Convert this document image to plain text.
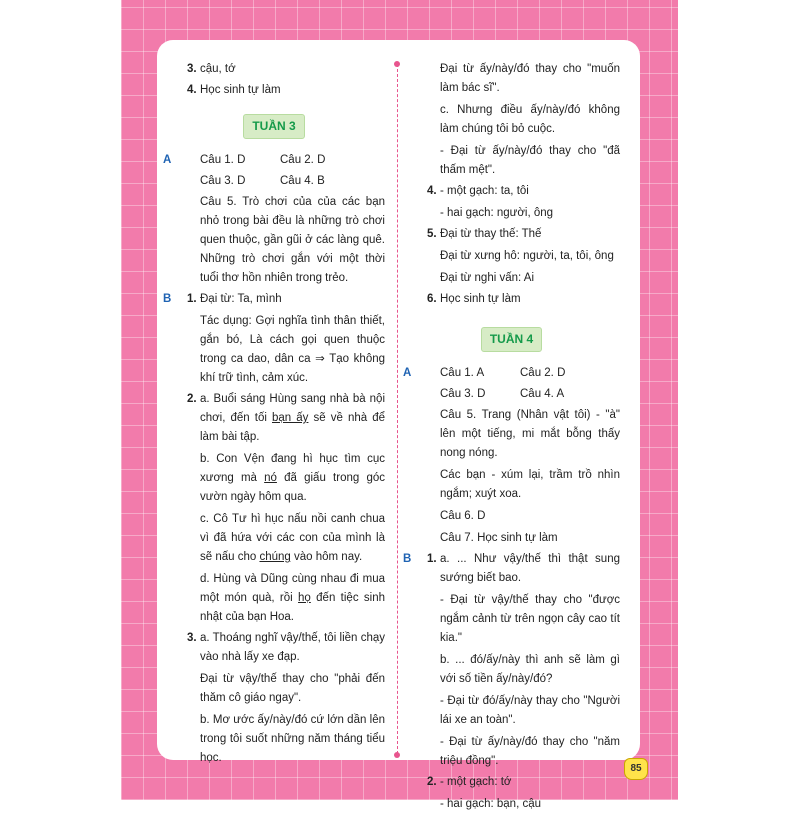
3. cậu, tớ

4. Học sinh tự làm

TUẦN 3
A	Câu 1. D	Câu 2. D
Câu 3. D	Câu 4. B

Câu 5. Trò chơi của của các bạn nhỏ trong bài đều là những trò chơi quen thuộc, gần gũi ở các làng quê. Những trò chơi gắn với một thời tuổi thơ hồn nhiên trong trẻo.

B	1. Đại từ: Ta, mình

Tác dụng: Gợi nghĩa tình thân thiết, gắn bó, Là cách gọi quen thuộc trong ca dao, dân ca ⇒ Tạo không khí trữ tình, cảm xúc.

2. a. Buổi sáng Hùng sang nhà bà nội chơi, đến tối bạn ấy sẽ về nhà để làm bài tập.

b. Con Vện đang hì hục tìm cục xương mà nó đã giấu trong góc vườn ngày hôm qua.

c. Cô Tư hì hục nấu nồi canh chua vì đã hứa với các con của mình là sẽ nấu cho chúng vào hôm nay.

d. Hùng và Dũng cùng nhau đi mua một món quà, rồi họ đến tiệc sinh nhật của bạn Hoa.

3. a. Thoáng nghĩ vậy/thế, tôi liền chạy vào nhà lấy xe đạp.

Đại từ vậy/thế thay cho "phải đến thăm cô giáo ngay".

b. Mơ ước ấy/này/đó cứ lớn dần lên trong tôi suốt những năm tháng tiểu học.

Đại từ ấy/này/đó thay cho "muốn làm bác sĩ".

c. Nhưng điều ấy/này/đó không làm chúng tôi bỏ cuộc.

- Đại từ ấy/này/đó thay cho "đã thấm mệt".

4. - một gạch: ta, tôi

- hai gạch: người, ông

5. Đại từ thay thế: Thế

Đại từ xưng hô: người, ta, tôi, ông

Đại từ nghi vấn: Ai

6. Học sinh tự làm

TUẦN 4
A	Câu 1. A	Câu 2. D
Câu 3. D	Câu 4. A

Câu 5. Trang (Nhân vật tôi) - "à" lên một tiếng, mi mắt bỗng thấy nong nóng.

Các bạn - xúm lại, trầm trồ nhìn ngắm; xuýt xoa.

Câu 6. D

Câu 7. Học sinh tự làm

B	1. a. ... Như vậy/thế thì thật sung sướng biết bao.

- Đại từ vậy/thế thay cho "được ngắm cảnh từ trên ngọn cây cao tít kia."

b. ... đó/ấy/này thì anh sẽ làm gì với số tiền ấy/này/đó?

- Đại từ đó/ấy/này thay cho "Người lái xe an toàn".

- Đại từ ấy/này/đó thay cho "năm triệu đồng".

2. - một gạch: tớ

- hai gạch: bạn, cậu

85
